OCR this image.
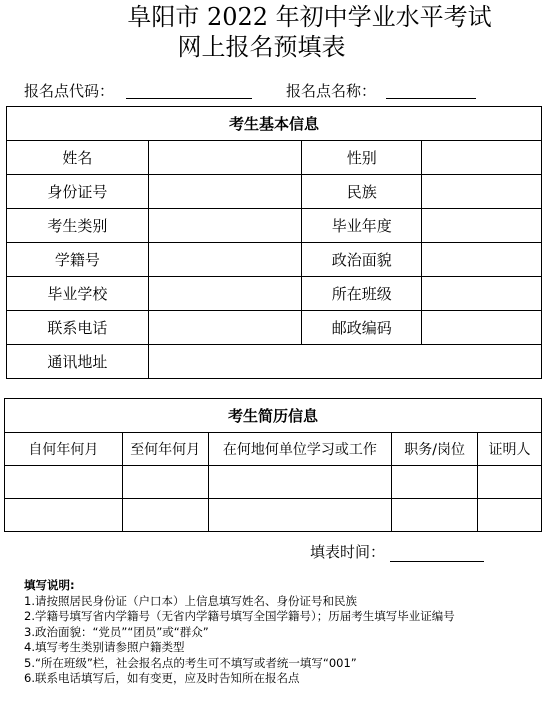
阜阳市 2022 年初中学业水平考试
网上报名预填表
报名点代码：	报名点名称：
考生基本信息			
姓名		性别	
身份证号		民族	
考生类别		毕业年度	
学籍号		政治面貌	
毕业学校		所在班级	
联系电话		邮政编码	
通讯地址			
考生简历信息				
自何年何月	至何年何月	在何地何单位学习或工作	职务/岗位	证明人

填表时间：
填写说明:
1.请按照居民身份证（户口本）上信息填写姓名、身份证号和民族
2.学籍号填写省内学籍号（无省内学籍号填写全国学籍号）；历届考生填写毕业证编号
3.政治面貌：“党员”“团员”或“群众”
4.填写考生类别请参照户籍类型
5.“所在班级”栏，社会报名点的考生可不填写或者统一填写“001”
6.联系电话填写后，如有变更，应及时告知所在报名点
